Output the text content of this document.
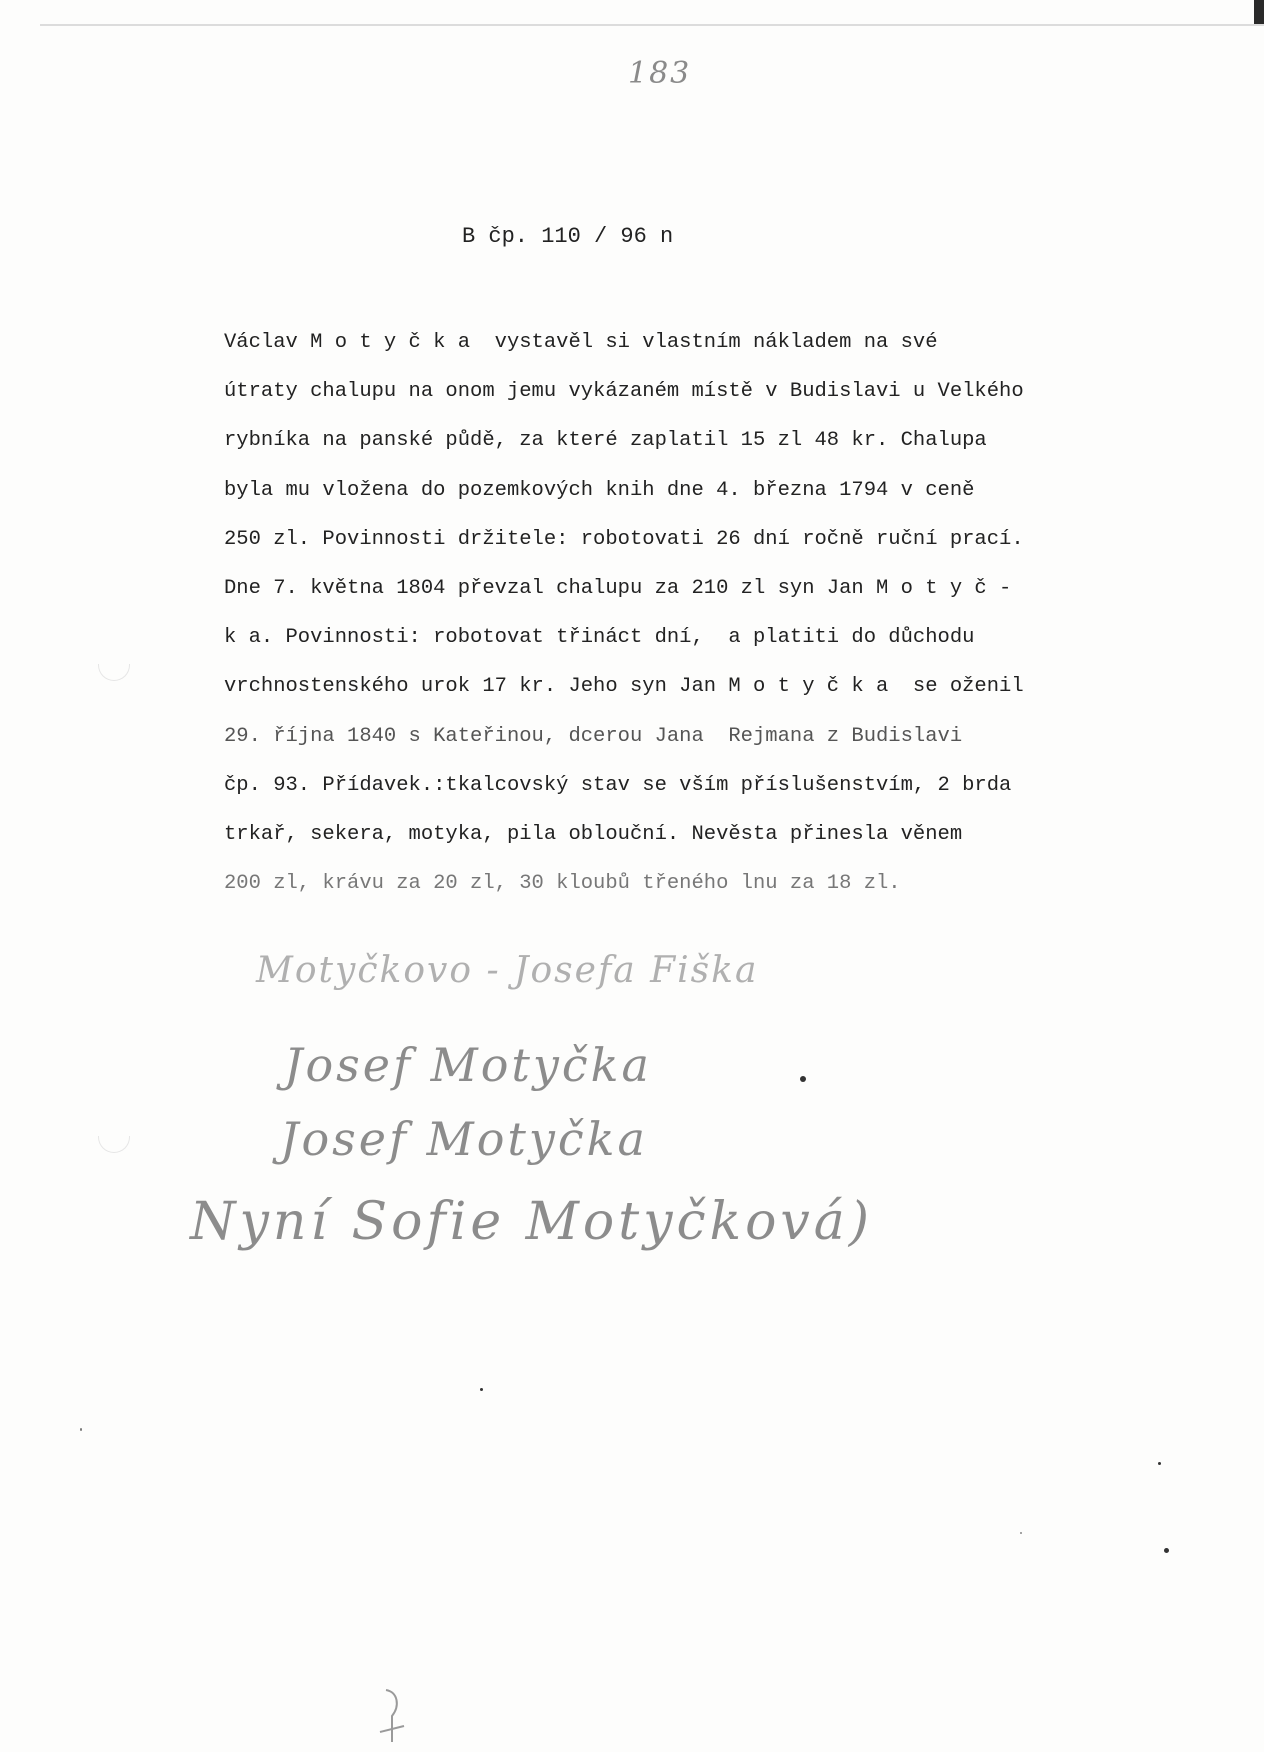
183
B čp. 110 / 96 n
Václav M o t y č k a  vystavěl si vlastním nákladem na své
útraty chalupu na onom jemu vykázaném místě v Budislavi u Velkého
rybníka na panské půdě, za které zaplatil 15 zl 48 kr. Chalupa
byla mu vložena do pozemkových knih dne 4. března 1794 v ceně
250 zl. Povinnosti držitele: robotovati 26 dní ročně ruční prací.
Dne 7. května 1804 převzal chalupu za 210 zl syn Jan M o t y č -
k a. Povinnosti: robotovat třináct dní,  a platiti do důchodu
vrchnostenského urok 17 kr. Jeho syn Jan M o t y č k a  se oženil
29. října 1840 s Kateřinou, dcerou Jana  Rejmana z Budislavi
čp. 93. Přídavek.:tkalcovský stav se vším příslušenstvím, 2 brda
trkař, sekera, motyka, pila oblouční. Nevěsta přinesla věnem
200 zl, krávu za 20 zl, 30 kloubů třeného lnu za 18 zl.
Motyčkovo - Josefa Fiška
Josef Motyčka
Josef Motyčka
Nyní Sofie Motyčková)
